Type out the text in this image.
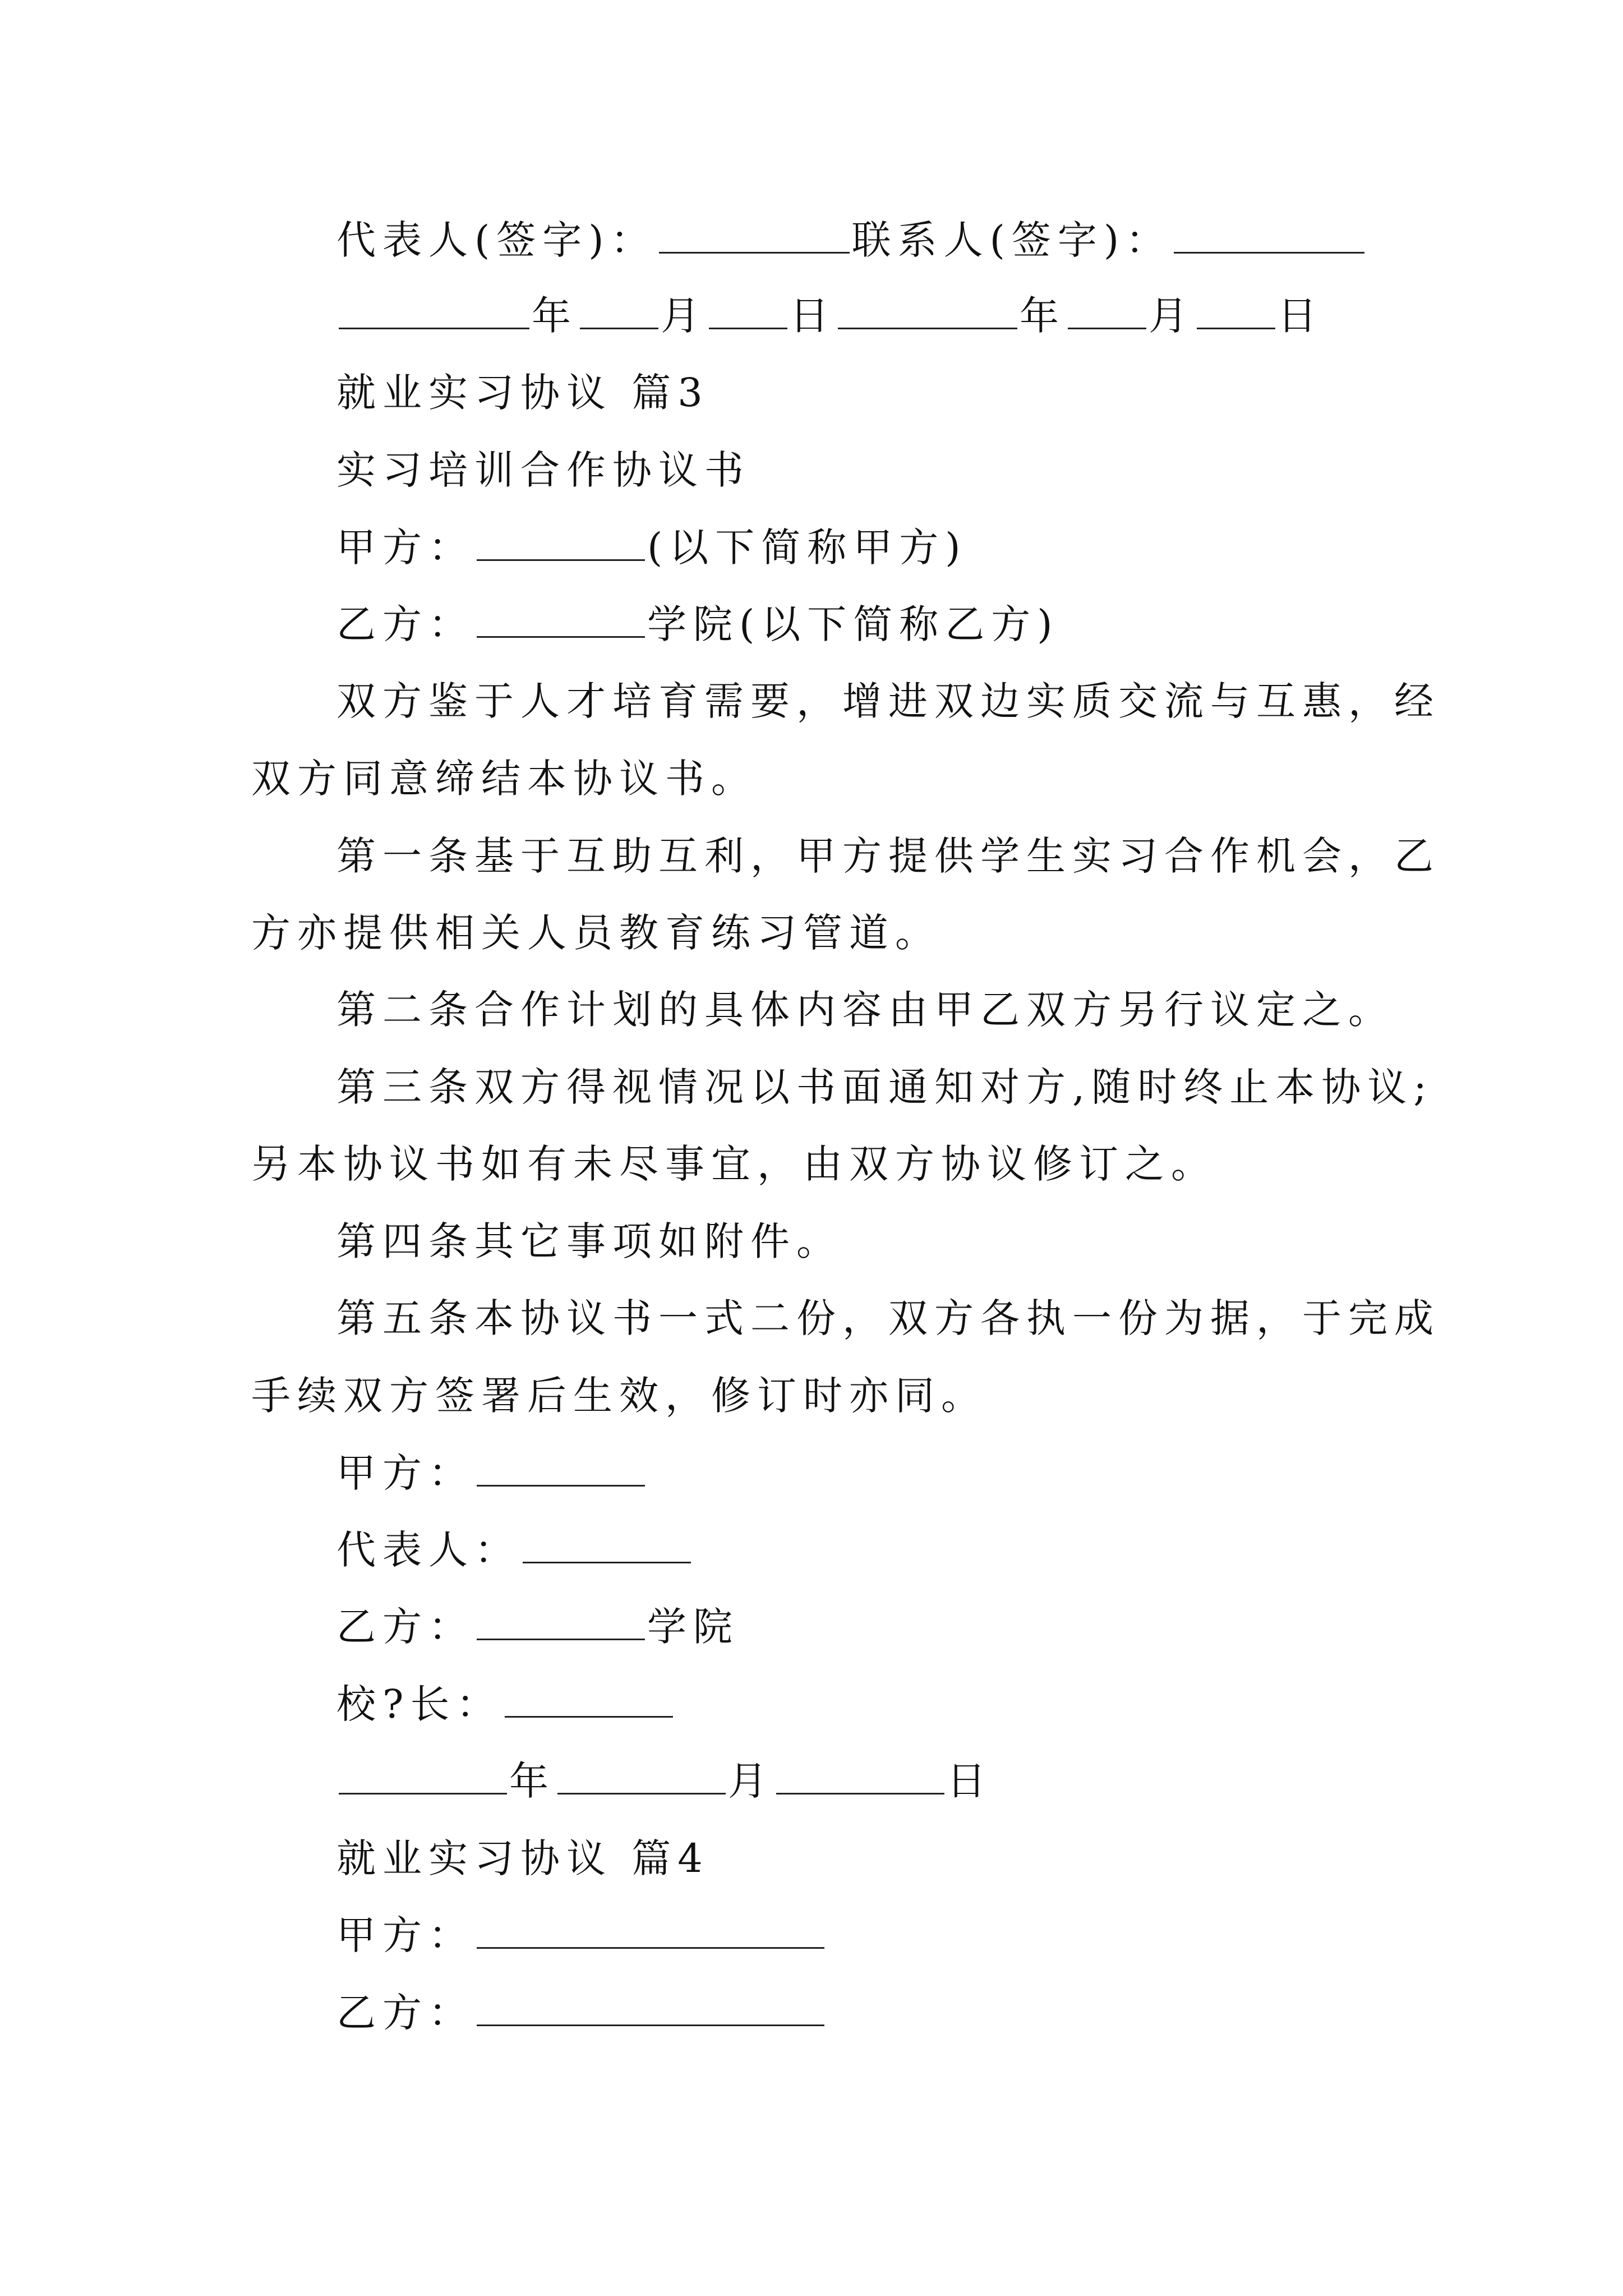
代表人(签字)：	联系人(签字)：
年 月 日	年 月 日
就业实习协议 篇3
实习培训合作协议书
甲方：	(以下简称甲方)
乙方：	学院(以下简称乙方)
双方鉴于人才培育需要，增进双边实质交流与互惠，经
双方同意缔结本协议书。
第一条基于互助互利，甲方提供学生实习合作机会，乙
方亦提供相关人员教育练习管道。
第二条合作计划的具体内容由甲乙双方另行议定之。
第三条双方得视情况以书面通知对方,随时终止本协议;
另本协议书如有未尽事宜，由双方协议修订之。
第四条其它事项如附件。
第五条本协议书一式二份，双方各执一份为据，于完成
手续双方签署后生效，修订时亦同。
甲方：
代表人：
乙方：	学院
校?长：
年	月	日
就业实习协议 篇4
甲方：
乙方：
